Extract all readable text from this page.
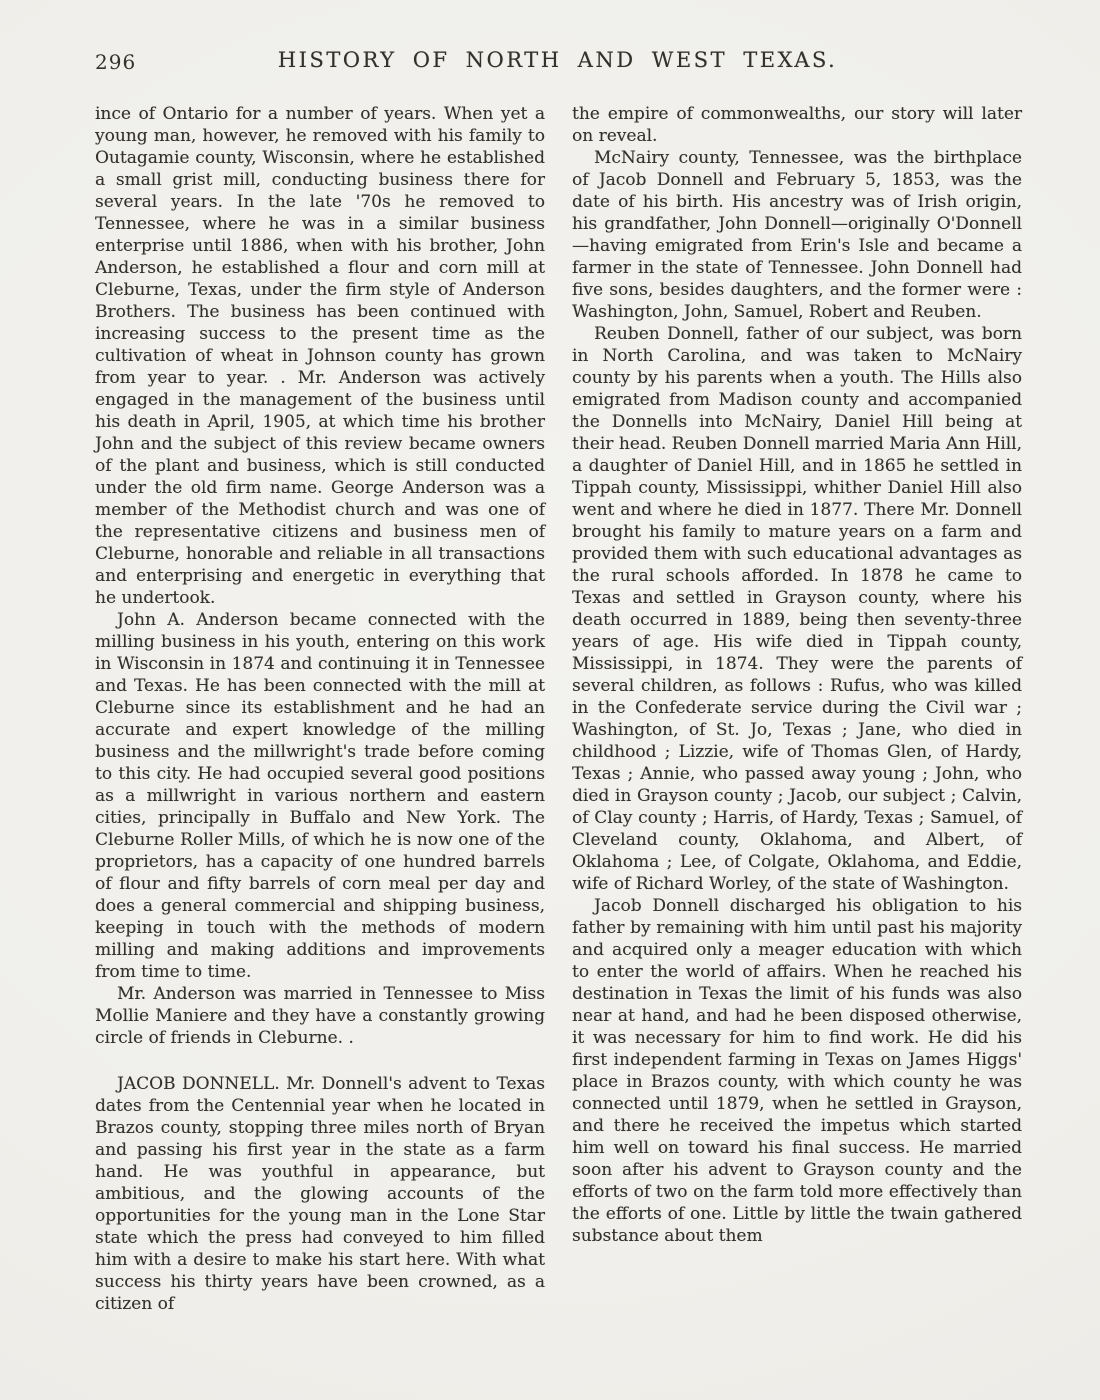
296	HISTORY OF NORTH AND WEST TEXAS.

ince of Ontario for a number of years. When yet a young man, however, he removed with his family to Outagamie county, Wisconsin, where he established a small grist mill, conducting business there for several years. In the late '70s he removed to Tennessee, where he was in a similar business enterprise until 1886, when with his brother, John Anderson, he established a flour and corn mill at Cleburne, Texas, under the firm style of Anderson Brothers. The business has been continued with increasing success to the present time as the cultivation of wheat in Johnson county has grown from year to year. . Mr. Anderson was actively engaged in the management of the business until his death in April, 1905, at which time his brother John and the subject of this review became owners of the plant and business, which is still conducted under the old firm name. George Anderson was a member of the Methodist church and was one of the representative citizens and business men of Cleburne, honorable and reliable in all transactions and enterprising and energetic in everything that he undertook.

John A. Anderson became connected with the milling business in his youth, entering on this work in Wisconsin in 1874 and continuing it in Tennessee and Texas. He has been connected with the mill at Cleburne since its establishment and he had an accurate and expert knowledge of the milling business and the millwright's trade before coming to this city. He had occupied several good positions as a millwright in various northern and eastern cities, principally in Buffalo and New York. The Cleburne Roller Mills, of which he is now one of the proprietors, has a capacity of one hundred barrels of flour and fifty barrels of corn meal per day and does a general commercial and shipping business, keeping in touch with the methods of modern milling and making additions and improvements from time to time.

Mr. Anderson was married in Tennessee to Miss Mollie Maniere and they have a constantly growing circle of friends in Cleburne. .

JACOB DONNELL. Mr. Donnell's advent to Texas dates from the Centennial year when he located in Brazos county, stopping three miles north of Bryan and passing his first year in the state as a farm hand. He was youthful in appearance, but ambitious, and the glowing accounts of the opportunities for the young man in the Lone Star state which the press had conveyed to him filled him with a desire to make his start here. With what success his thirty years have been crowned, as a citizen of

the empire of commonwealths, our story will later on reveal.

McNairy county, Tennessee, was the birthplace of Jacob Donnell and February 5, 1853, was the date of his birth. His ancestry was of Irish origin, his grandfather, John Donnell—originally O'Donnell—having emigrated from Erin's Isle and became a farmer in the state of Tennessee. John Donnell had five sons, besides daughters, and the former were : Washington, John, Samuel, Robert and Reuben.

Reuben Donnell, father of our subject, was born in North Carolina, and was taken to McNairy county by his parents when a youth. The Hills also emigrated from Madison county and accompanied the Donnells into McNairy, Daniel Hill being at their head. Reuben Donnell married Maria Ann Hill, a daughter of Daniel Hill, and in 1865 he settled in Tippah county, Mississippi, whither Daniel Hill also went and where he died in 1877. There Mr. Donnell brought his family to mature years on a farm and provided them with such educational advantages as the rural schools afforded. In 1878 he came to Texas and settled in Grayson county, where his death occurred in 1889, being then seventy-three years of age. His wife died in Tippah county, Mississippi, in 1874. They were the parents of several children, as follows : Rufus, who was killed in the Confederate service during the Civil war ; Washington, of St. Jo, Texas ; Jane, who died in childhood ; Lizzie, wife of Thomas Glen, of Hardy, Texas ; Annie, who passed away young ; John, who died in Grayson county ; Jacob, our subject ; Calvin, of Clay county ; Harris, of Hardy, Texas ; Samuel, of Cleveland county, Oklahoma, and Albert, of Oklahoma ; Lee, of Colgate, Oklahoma, and Eddie, wife of Richard Worley, of the state of Washington.

Jacob Donnell discharged his obligation to his father by remaining with him until past his majority and acquired only a meager education with which to enter the world of affairs. When he reached his destination in Texas the limit of his funds was also near at hand, and had he been disposed otherwise, it was necessary for him to find work. He did his first independent farming in Texas on James Higgs' place in Brazos county, with which county he was connected until 1879, when he settled in Grayson, and there he received the impetus which started him well on toward his final success. He married soon after his advent to Grayson county and the efforts of two on the farm told more effectively than the efforts of one. Little by little the twain gathered substance about them
